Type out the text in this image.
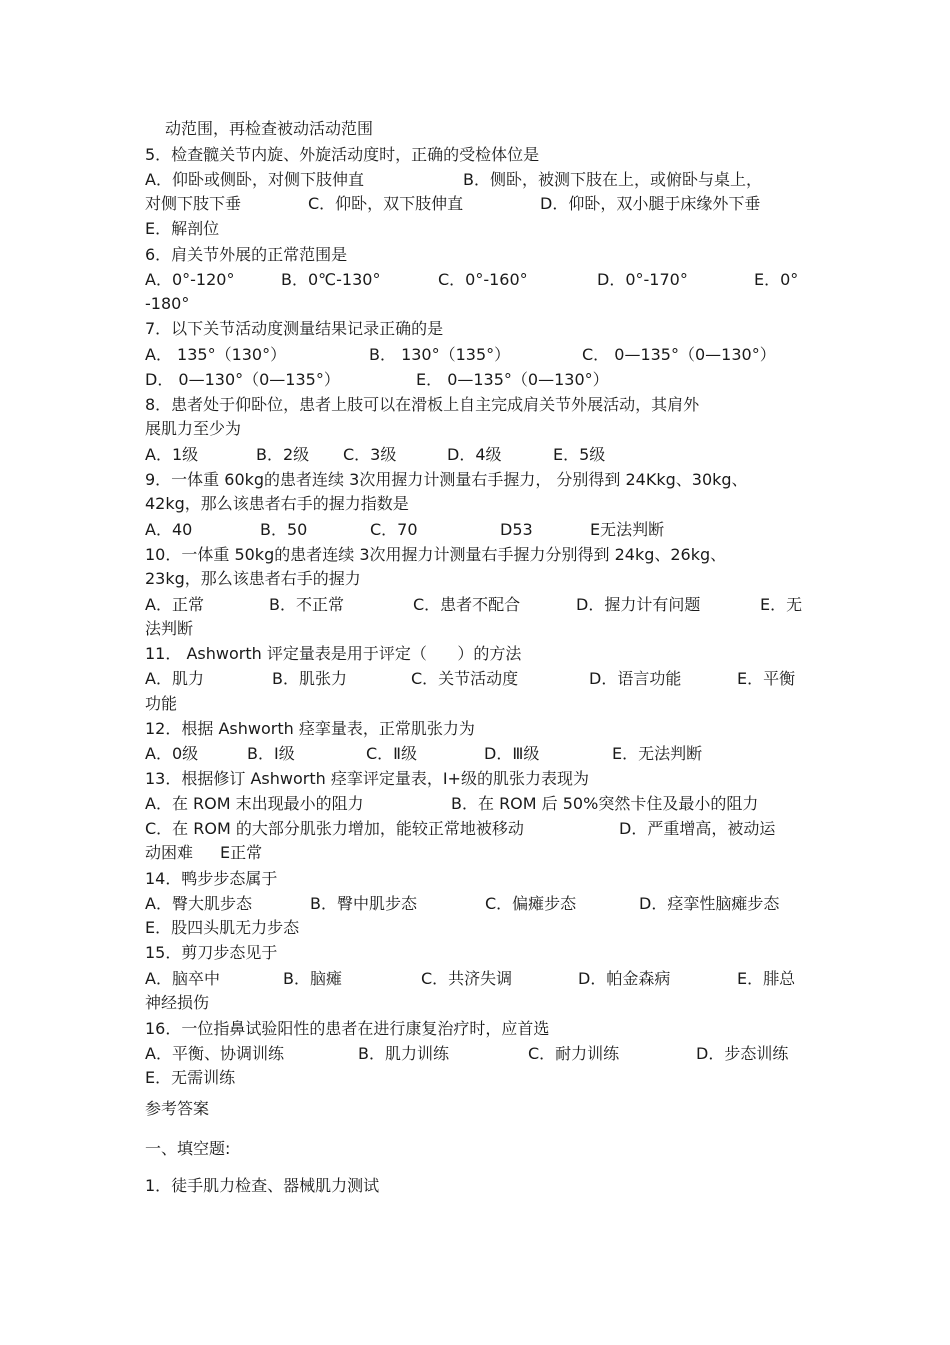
动范围，再检查被动活动范围
5．检查髋关节内旋、外旋活动度时，正确的受检体位是
A．仰卧或侧卧，对侧下肢伸直	B．侧卧，被测下肢在上，或俯卧与桌上，
对侧下肢下垂	C．仰卧，双下肢伸直	D．仰卧，双小腿于床缘外下垂
E．解剖位
6．肩关节外展的正常范围是
A．0°-120°	B．0℃-130°	C．0°-160°	D．0°-170°	E．0°
-180°
7．以下关节活动度测量结果记录正确的是
A． 135°（130°）	B． 130°（135°）	C． 0—135°（0—130°）
D． 0—130°（0—135°）	E． 0—135°（0—130°）
8．患者处于仰卧位，患者上肢可以在滑板上自主完成肩关节外展活动，其肩外
展肌力至少为
A．1级	B．2级 C．3级	D．4级	E．5级
9．一体重 60kg的患者连续 3次用握力计测量右手握力， 分别得到 24Kkg、30kg、
42kg，那么该患者右手的握力指数是
A．40	B．50	C．70	D53	E无法判断
10．一体重 50kg的患者连续 3次用握力计测量右手握力分别得到 24kg、26kg、
23kg，那么该患者右手的握力
A．正常	B．不正常	C．患者不配合	D．握力计有问题	E．无
法判断
11． Ashworth 评定量表是用于评定（      ）的方法
A．肌力	B．肌张力	C．关节活动度	D．语言功能	E．平衡
功能
12．根据 Ashworth 痉挛量表，正常肌张力为
A．0级	B．Ⅰ级	C．Ⅱ级	D．Ⅲ级	E．无法判断
13．根据修订 Ashworth 痉挛评定量表，Ⅰ+级的肌张力表现为
A．在 ROM 末出现最小的阻力	B．在 ROM 后 50%突然卡住及最小的阻力
C．在 ROM 的大部分肌张力增加，能较正常地被移动	D．严重增高，被动运
动困难 E正常
14．鸭步步态属于
A．臀大肌步态	B．臀中肌步态	C．偏瘫步态	D．痉挛性脑瘫步态
E．股四头肌无力步态
15．剪刀步态见于
A．脑卒中	B．脑瘫	C．共济失调	D．帕金森病	E．腓总
神经损伤
16．一位指鼻试验阳性的患者在进行康复治疗时，应首选
A．平衡、协调训练	B．肌力训练	C．耐力训练	D．步态训练
E．无需训练
参考答案
一、填空题:
1．徒手肌力检查、器械肌力测试
